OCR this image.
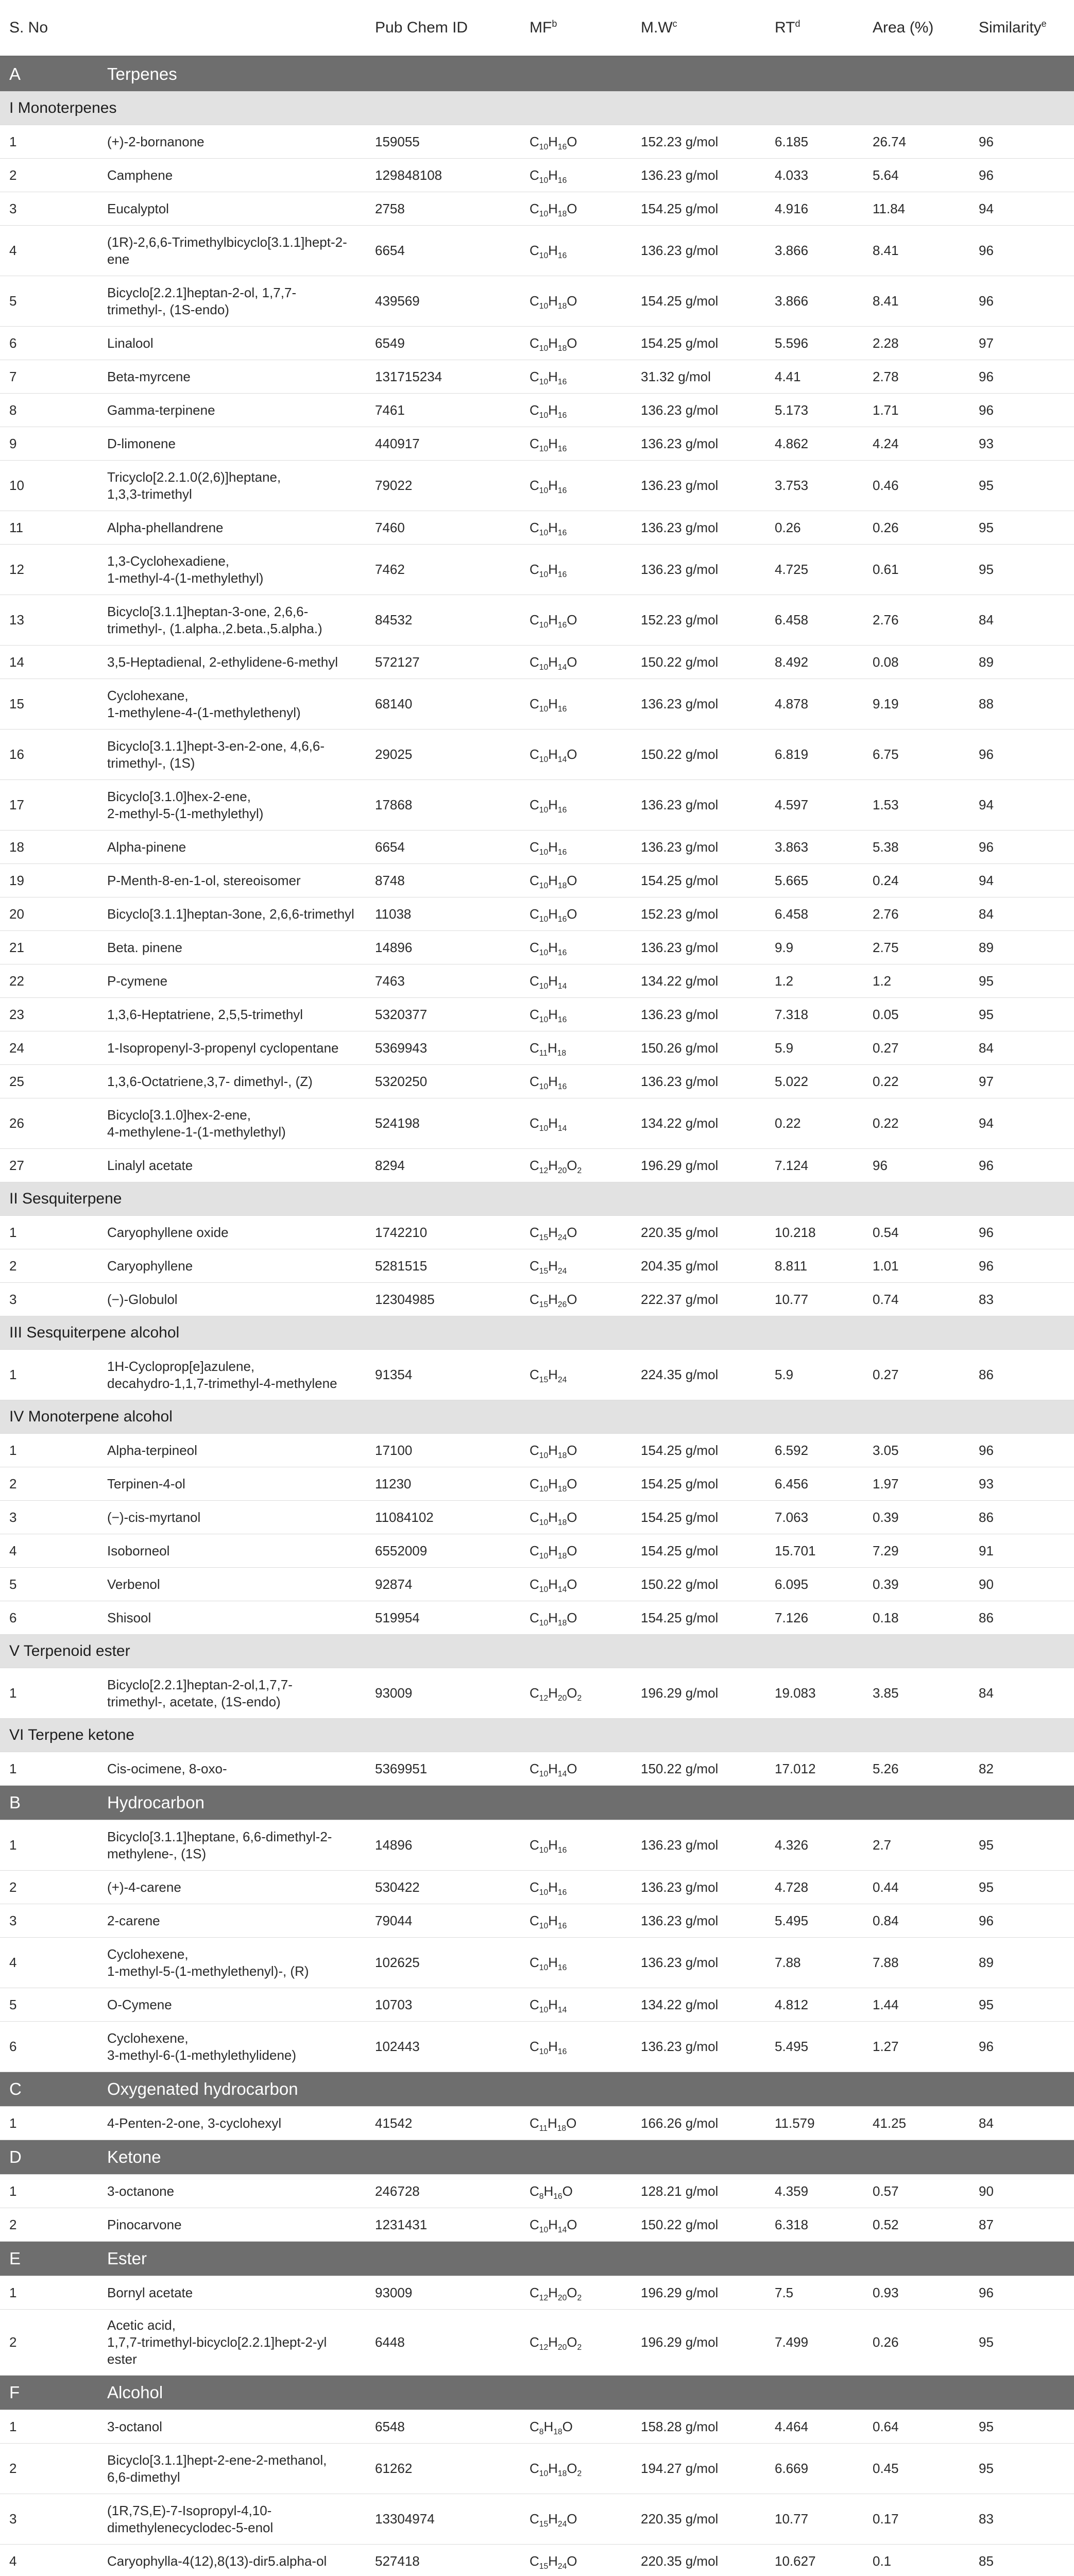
S. No		Pub Chem ID	$MF^b$	$M.W^c$	$RT^d$	Area (%)	Similarity$^e$
A	Terpenes						
I Monoterpenes							
1	(+)-2-bornanone	159055	$C_{10}H_{16}O$	152.23 g/mol	6.185	26.74	96
2	Camphene	129848108	$C_{10}H_{16}$	136.23 g/mol	4.033	5.64	96
3	Eucalyptol	2758	$C_{10}H_{18}O$	154.25 g/mol	4.916	11.84	94
4	(1R)-2,6,6-Trimethylbicyclo[3.1.1]hept-2-
ene	6654	$C_{10}H_{16}$	136.23 g/mol	3.866	8.41	96
5	Bicyclo[2.2.1]heptan-2-ol, 1,7,7-
trimethyl-, (1S-endo)	439569	$C_{10}H_{18}O$	154.25 g/mol	3.866	8.41	96
6	Linalool	6549	$C_{10}H_{18}O$	154.25 g/mol	5.596	2.28	97
7	Beta-myrcene	131715234	$C_{10}H_{16}$	31.32 g/mol	4.41	2.78	96
8	Gamma-terpinene	7461	$C_{10}H_{16}$	136.23 g/mol	5.173	1.71	96
9	D-limonene	440917	$C_{10}H_{16}$	136.23 g/mol	4.862	4.24	93
10	Tricyclo[2.2.1.0(2,6)]heptane,
1,3,3-trimethyl	79022	$C_{10}H_{16}$	136.23 g/mol	3.753	0.46	95
11	Alpha-phellandrene	7460	$C_{10}H_{16}$	136.23 g/mol	0.26	0.26	95
12	1,3-Cyclohexadiene,
1-methyl-4-(1-methylethyl)	7462	$C_{10}H_{16}$	136.23 g/mol	4.725	0.61	95
13	Bicyclo[3.1.1]heptan-3-one, 2,6,6-
trimethyl-, (1.alpha.,2.beta.,5.alpha.)	84532	$C_{10}H_{16}O$	152.23 g/mol	6.458	2.76	84
14	3,5-Heptadienal, 2-ethylidene-6-methyl	572127	$C_{10}H_{14}O$	150.22 g/mol	8.492	0.08	89
15	Cyclohexane,
1-methylene-4-(1-methylethenyl)	68140	$C_{10}H_{16}$	136.23 g/mol	4.878	9.19	88
16	Bicyclo[3.1.1]hept-3-en-2-one, 4,6,6-
trimethyl-, (1S)	29025	$C_{10}H_{14}O$	150.22 g/mol	6.819	6.75	96
17	Bicyclo[3.1.0]hex-2-ene,
2-methyl-5-(1-methylethyl)	17868	$C_{10}H_{16}$	136.23 g/mol	4.597	1.53	94
18	Alpha-pinene	6654	$C_{10}H_{16}$	136.23 g/mol	3.863	5.38	96
19	P-Menth-8-en-1-ol, stereoisomer	8748	$C_{10}H_{18}O$	154.25 g/mol	5.665	0.24	94
20	Bicyclo[3.1.1]heptan-3one, 2,6,6-trimethyl	11038	$C_{10}H_{16}O$	152.23 g/mol	6.458	2.76	84
21	Beta. pinene	14896	$C_{10}H_{16}$	136.23 g/mol	9.9	2.75	89
22	P-cymene	7463	$C_{10}H_{14}$	134.22 g/mol	1.2	1.2	95
23	1,3,6-Heptatriene, 2,5,5-trimethyl	5320377	$C_{10}H_{16}$	136.23 g/mol	7.318	0.05	95
24	1-Isopropenyl-3-propenyl cyclopentane	5369943	$C_{11}H_{18}$	150.26 g/mol	5.9	0.27	84
25	1,3,6-Octatriene,3,7- dimethyl-, (Z)	5320250	$C_{10}H_{16}$	136.23 g/mol	5.022	0.22	97
26	Bicyclo[3.1.0]hex-2-ene,
4-methylene-1-(1-methylethyl)	524198	$C_{10}H_{14}$	134.22 g/mol	0.22	0.22	94
27	Linalyl acetate	8294	$C_{12}H_{20}O_2$	196.29 g/mol	7.124	96	96
II Sesquiterpene							
1	Caryophyllene oxide	1742210	$C_{15}H_{24}O$	220.35 g/mol	10.218	0.54	96
2	Caryophyllene	5281515	$C_{15}H_{24}$	204.35 g/mol	8.811	1.01	96
3	(−)-Globulol	12304985	$C_{15}H_{26}O$	222.37 g/mol	10.77	0.74	83
III Sesquiterpene alcohol							
1	1H-Cycloprop[e]azulene,
decahydro-1,1,7-trimethyl-4-methylene	91354	$C_{15}H_{24}$	224.35 g/mol	5.9	0.27	86
IV Monoterpene alcohol							
1	Alpha-terpineol	17100	$C_{10}H_{18}O$	154.25 g/mol	6.592	3.05	96
2	Terpinen-4-ol	11230	$C_{10}H_{18}O$	154.25 g/mol	6.456	1.97	93
3	(−)-cis-myrtanol	11084102	$C_{10}H_{18}O$	154.25 g/mol	7.063	0.39	86
4	Isoborneol	6552009	$C_{10}H_{18}O$	154.25 g/mol	15.701	7.29	91
5	Verbenol	92874	$C_{10}H_{14}O$	150.22 g/mol	6.095	0.39	90
6	Shisool	519954	$C_{10}H_{18}O$	154.25 g/mol	7.126	0.18	86
V Terpenoid ester							
1	Bicyclo[2.2.1]heptan-2-ol,1,7,7-
trimethyl-, acetate, (1S-endo)	93009	$C_{12}H_{20}O_2$	196.29 g/mol	19.083	3.85	84
VI Terpene ketone							
1	Cis-ocimene, 8-oxo-	5369951	$C_{10}H_{14}O$	150.22 g/mol	17.012	5.26	82
B	Hydrocarbon						
1	Bicyclo[3.1.1]heptane, 6,6-dimethyl-2-
methylene-, (1S)	14896	$C_{10}H_{16}$	136.23 g/mol	4.326	2.7	95
2	(+)-4-carene	530422	$C_{10}H_{16}$	136.23 g/mol	4.728	0.44	95
3	2-carene	79044	$C_{10}H_{16}$	136.23 g/mol	5.495	0.84	96
4	Cyclohexene,
1-methyl-5-(1-methylethenyl)-, (R)	102625	$C_{10}H_{16}$	136.23 g/mol	7.88	7.88	89
5	O-Cymene	10703	$C_{10}H_{14}$	134.22 g/mol	4.812	1.44	95
6	Cyclohexene,
3-methyl-6-(1-methylethylidene)	102443	$C_{10}H_{16}$	136.23 g/mol	5.495	1.27	96
C	Oxygenated hydrocarbon						
1	4-Penten-2-one, 3-cyclohexyl	41542	$C_{11}H_{18}O$	166.26 g/mol	11.579	41.25	84
D	Ketone						
1	3-octanone	246728	$C_8H_{16}O$	128.21 g/mol	4.359	0.57	90
2	Pinocarvone	1231431	$C_{10}H_{14}O$	150.22 g/mol	6.318	0.52	87
E	Ester						
1	Bornyl acetate	93009	$C_{12}H_{20}O_2$	196.29 g/mol	7.5	0.93	96
2	Acetic acid,
1,7,7-trimethyl-bicyclo[2.2.1]hept-2-yl
ester	6448	$C_{12}H_{20}O_2$	196.29 g/mol	7.499	0.26	95
F	Alcohol						
1	3-octanol	6548	$C_8H_{18}O$	158.28 g/mol	4.464	0.64	95
2	Bicyclo[3.1.1]hept-2-ene-2-methanol,
6,6-dimethyl	61262	$C_{10}H_{18}O_2$	194.27 g/mol	6.669	0.45	95
3	(1R,7S,E)-7-Isopropyl-4,10-
dimethylenecyclodec-5-enol	13304974	$C_{15}H_{24}O$	220.35 g/mol	10.77	0.17	83
4	Caryophylla-4(12),8(13)-dir5.alpha-ol	527418	$C_{15}H_{24}O$	220.35 g/mol	10.627	0.1	85
